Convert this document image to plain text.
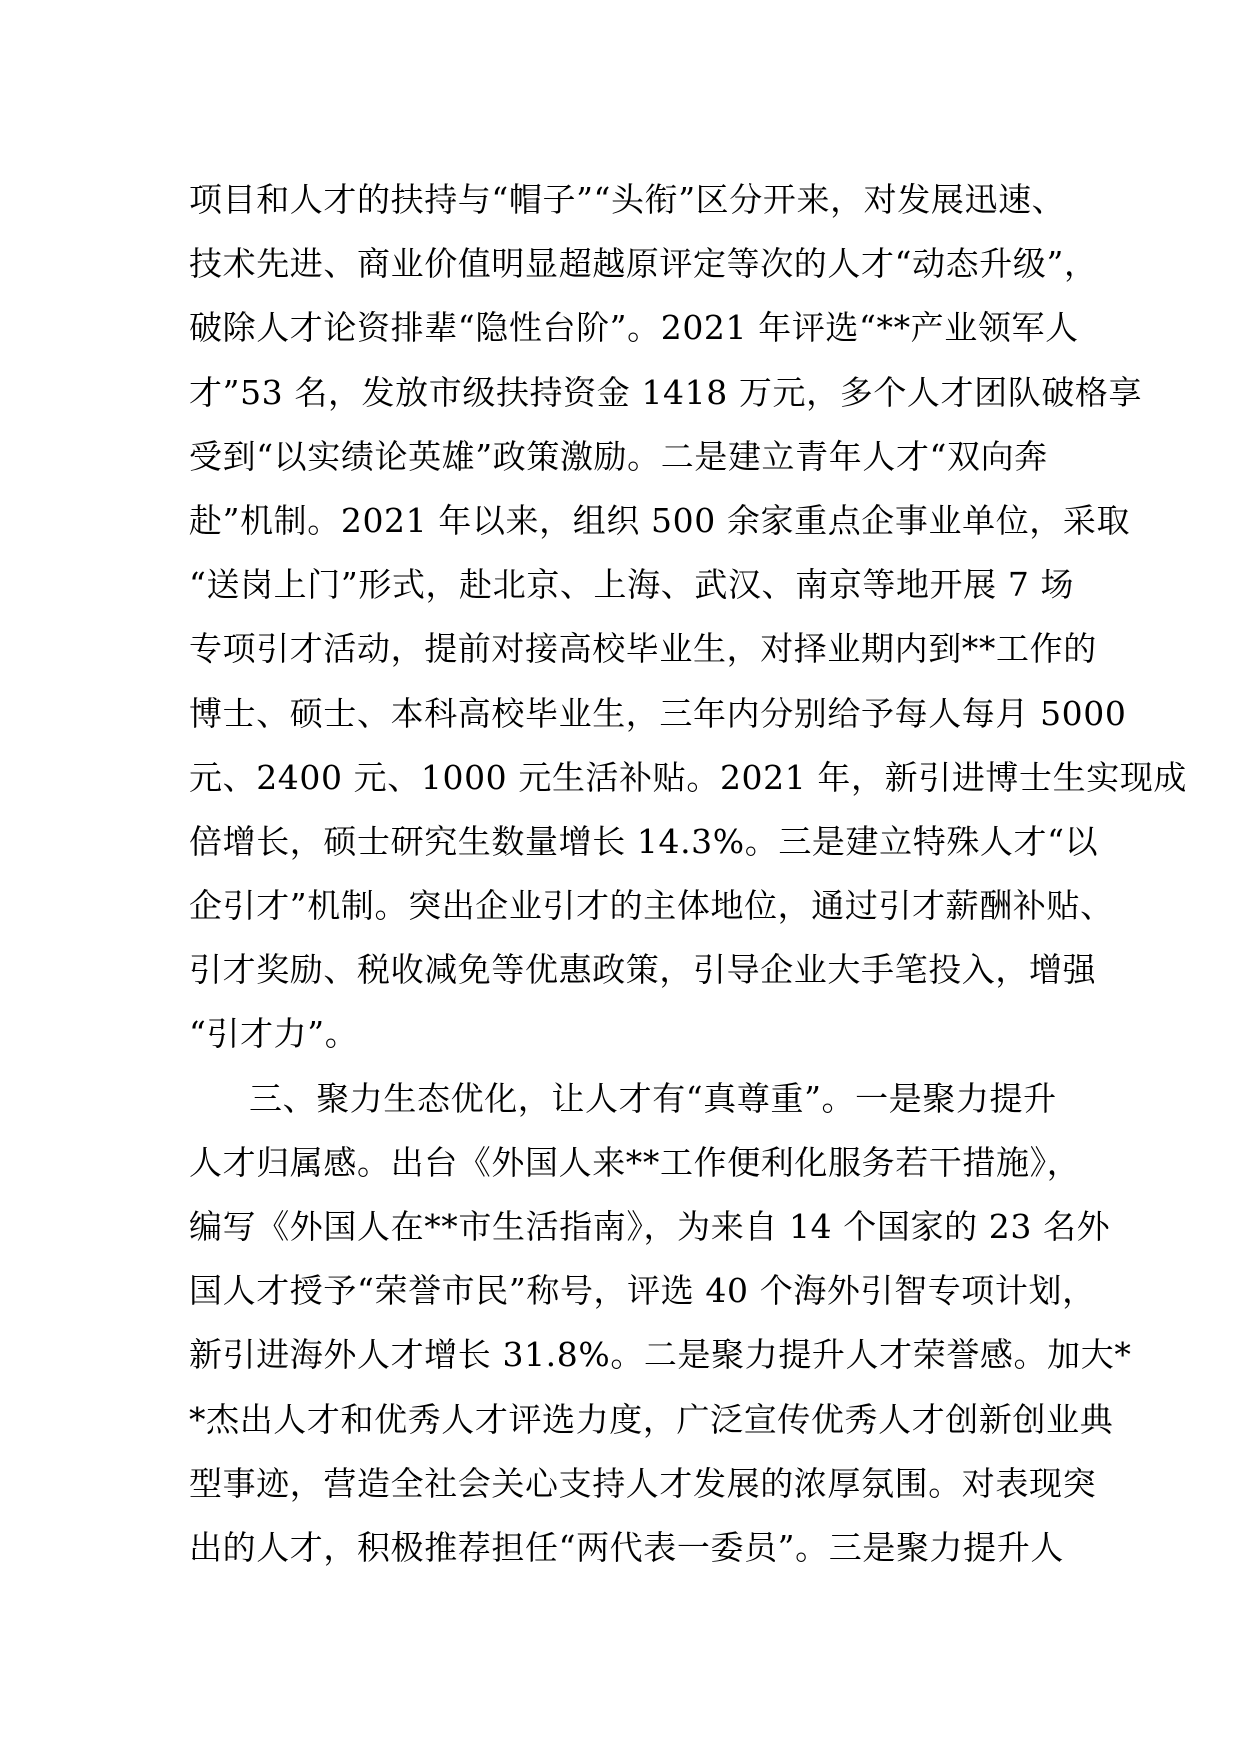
项目和人才的扶持与“帽子”“头衔”区分开来，对发展迅速、
技术先进、商业价值明显超越原评定等次的人才“动态升级”，
破除人才论资排辈“隐性台阶”。2021 年评选“**产业领军人
才”53 名，发放市级扶持资金 1418 万元，多个人才团队破格享
受到“以实绩论英雄”政策激励。二是建立青年人才“双向奔
赴”机制。2021 年以来，组织 500 余家重点企事业单位，采取
“送岗上门”形式，赴北京、上海、武汉、南京等地开展 7 场
专项引才活动，提前对接高校毕业生，对择业期内到**工作的
博士、硕士、本科高校毕业生，三年内分别给予每人每月 5000
元、2400 元、1000 元生活补贴。2021 年，新引进博士生实现成
倍增长，硕士研究生数量增长 14.3%。三是建立特殊人才“以
企引才”机制。突出企业引才的主体地位，通过引才薪酬补贴、
引才奖励、税收减免等优惠政策，引导企业大手笔投入，增强
“引才力”。
三、聚力生态优化，让人才有“真尊重”。一是聚力提升
人才归属感。出台《外国人来**工作便利化服务若干措施》，
编写《外国人在**市生活指南》，为来自 14 个国家的 23 名外
国人才授予“荣誉市民”称号，评选 40 个海外引智专项计划，
新引进海外人才增长 31.8%。二是聚力提升人才荣誉感。加大*
*杰出人才和优秀人才评选力度，广泛宣传优秀人才创新创业典
型事迹，营造全社会关心支持人才发展的浓厚氛围。对表现突
出的人才，积极推荐担任“两代表一委员”。三是聚力提升人
